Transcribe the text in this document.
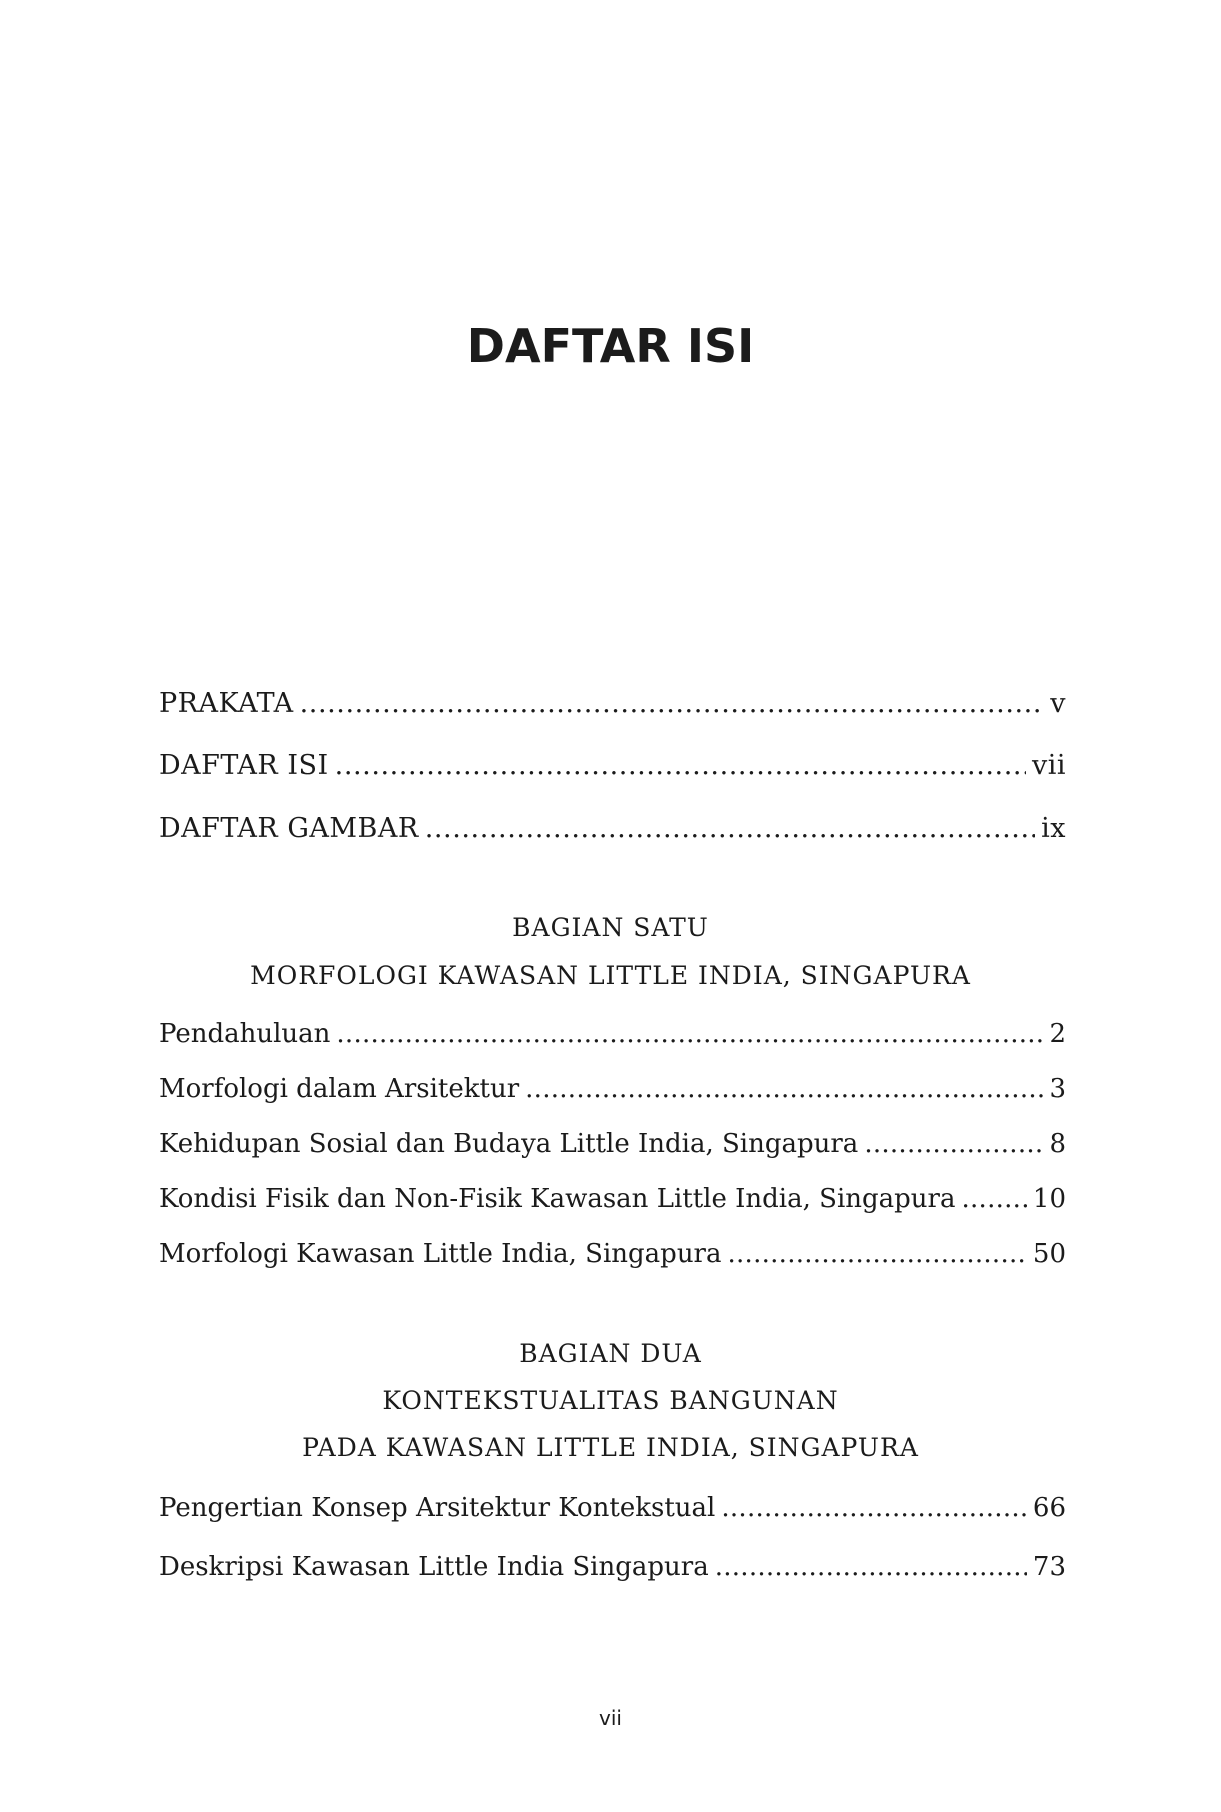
DAFTAR ISI
PRAKATA . . .	v
DAFTAR ISI . . .	vii
DAFTAR GAMBAR . . .	ix
Pendahuluan . . .	2
Morfologi dalam Arsitektur . . .	3
Kehidupan Sosial dan Budaya Little India, Singapura . . .	8
Kondisi Fisik dan Non-Fisik Kawasan Little India, Singapura . . .	10
Morfologi Kawasan Little India, Singapura . . .	50
Pengertian Konsep Arsitektur Kontekstual . . .	66
Deskripsi Kawasan Little India Singapura . . .	73
BAGIAN SATU
MORFOLOGI KAWASAN LITTLE INDIA, SINGAPURA
BAGIAN DUA
KONTEKSTUALITAS BANGUNAN
PADA KAWASAN LITTLE INDIA, SINGAPURA
vii
